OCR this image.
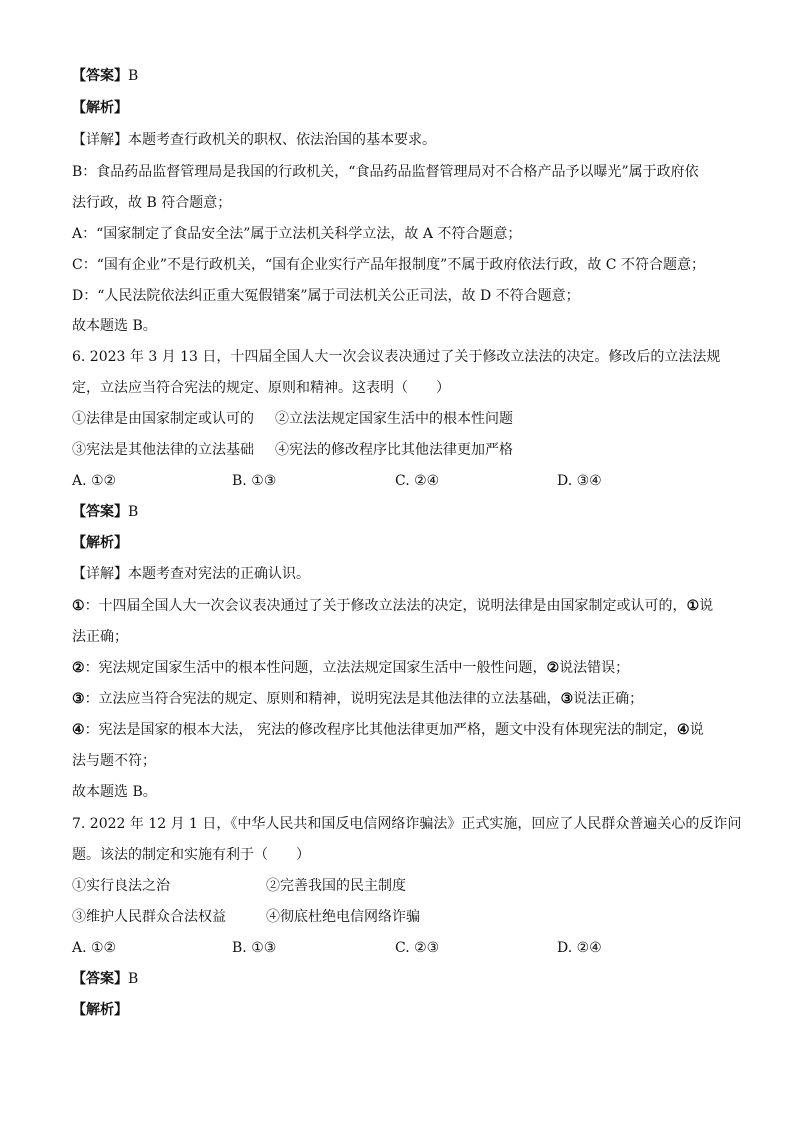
【答案】B
【解析】
【详解】本题考查行政机关的职权、依法治国的基本要求。
B：食品药品监督管理局是我国的行政机关，“食品药品监督管理局对不合格产品予以曝光”属于政府依
法行政，故 B 符合题意；
A：“国家制定了食品安全法”属于立法机关科学立法，故 A 不符合题意；
C：“国有企业”不是行政机关，“国有企业实行产品年报制度”不属于政府依法行政，故 C 不符合题意；
D：“人民法院依法纠正重大冤假错案”属于司法机关公正司法，故 D 不符合题意；
故本题选 B。
6. 2023 年 3 月 13 日，十四届全国人大一次会议表决通过了关于修改立法法的决定。修改后的立法法规
定，立法应当符合宪法的规定、原则和精神。这表明（　　）
①法律是由国家制定或认可的 ②立法法规定国家生活中的根本性问题
③宪法是其他法律的立法基础 ④宪法的修改程序比其他法律更加严格
A. ①②	B. ①③	C. ②④	D. ③④
【答案】B
【解析】
【详解】本题考查对宪法的正确认识。
①：十四届全国人大一次会议表决通过了关于修改立法法的决定，说明法律是由国家制定或认可的，①说
法正确；
②：宪法规定国家生活中的根本性问题，立法法规定国家生活中一般性问题，②说法错误；
③：立法应当符合宪法的规定、原则和精神，说明宪法是其他法律的立法基础，③说法正确；
④：宪法是国家的根本大法， 宪法的修改程序比其他法律更加严格，题文中没有体现宪法的制定，④说
法与题不符；
故本题选 B。
7. 2022 年 12 月 1 日，《中华人民共和国反电信网络诈骗法》正式实施，回应了人民群众普遍关心的反诈问
题。该法的制定和实施有利于（　　）
①实行良法之治	②完善我国的民主制度
③维护人民群众合法权益	④彻底杜绝电信网络诈骗
A. ①②	B. ①③	C. ②③	D. ②④
【答案】B
【解析】
